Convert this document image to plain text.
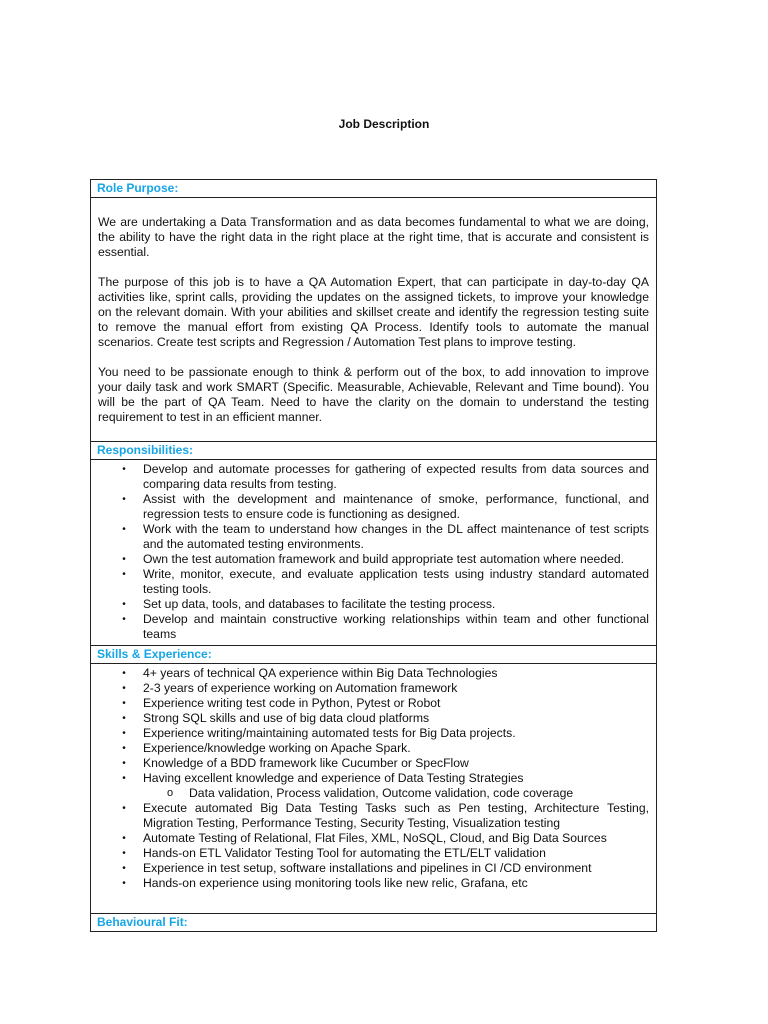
Job Description
Role Purpose:

We are undertaking a Data Transformation and as data becomes fundamental to what we are doing, the ability to have the right data in the right place at the right time, that is accurate and consistent is essential.

The purpose of this job is to have a QA Automation Expert, that can participate in day-to-day QA activities like, sprint calls, providing the updates on the assigned tickets, to improve your knowledge on the relevant domain. With your abilities and skillset create and identify the regression testing suite to remove the manual effort from existing QA Process. Identify tools to automate the manual scenarios. Create test scripts and Regression / Automation Test plans to improve testing.

You need to be passionate enough to think & perform out of the box, to add innovation to improve your daily task and work SMART (Specific. Measurable, Achievable, Relevant and Time bound). You will be the part of QA Team. Need to have the clarity on the domain to understand the testing requirement to test in an efficient manner.

Responsibilities:
• Develop and automate processes for gathering of expected results from data sources and comparing data results from testing.
• Assist with the development and maintenance of smoke, performance, functional, and regression tests to ensure code is functioning as designed.
• Work with the team to understand how changes in the DL affect maintenance of test scripts and the automated testing environments.
• Own the test automation framework and build appropriate test automation where needed.
• Write, monitor, execute, and evaluate application tests using industry standard automated testing tools.
• Set up data, tools, and databases to facilitate the testing process.
• Develop and maintain constructive working relationships within team and other functional teams
Skills & Experience:
• 4+ years of technical QA experience within Big Data Technologies
• 2-3 years of experience working on Automation framework
• Experience writing test code in Python, Pytest or Robot
• Strong SQL skills and use of big data cloud platforms
• Experience writing/maintaining automated tests for Big Data projects.
• Experience/knowledge working on Apache Spark.
• Knowledge of a BDD framework like Cucumber or SpecFlow
• Having excellent knowledge and experience of Data Testing Strategies
o Data validation, Process validation, Outcome validation, code coverage
• Execute automated Big Data Testing Tasks such as Pen testing, Architecture Testing, Migration Testing, Performance Testing, Security Testing, Visualization testing
• Automate Testing of Relational, Flat Files, XML, NoSQL, Cloud, and Big Data Sources
• Hands-on ETL Validator Testing Tool for automating the ETL/ELT validation
• Experience in test setup, software installations and pipelines in CI /CD environment
• Hands-on experience using monitoring tools like new relic, Grafana, etc
Behavioural Fit:
